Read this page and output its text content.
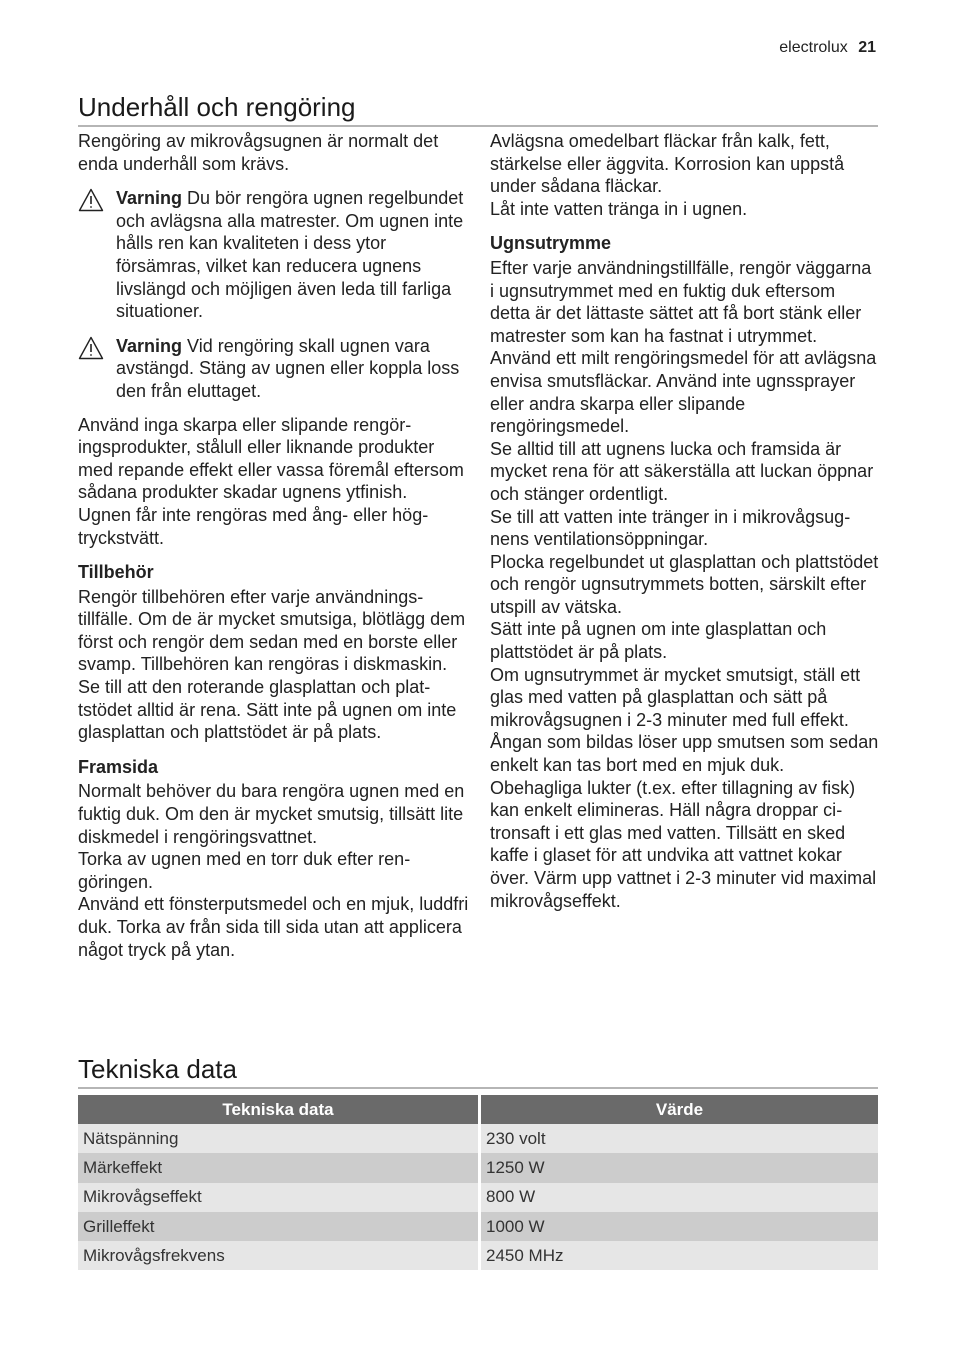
electrolux 21
Underhåll och rengöring

Rengöring av mikrovågsugnen är normalt det enda underhåll som krävs.

Varning Du bör rengöra ugnen regelbundet och avlägsna alla matrester. Om ugnen inte hålls ren kan kvaliteten i dess ytor försämras, vilket kan reducera ugnens livslängd och möjligen även leda till farliga situationer.
Varning Vid rengöring skall ugnen vara avstängd. Stäng av ugnen eller koppla loss den från eluttaget.

Använd inga skarpa eller slipande rengöringsprodukter, stålull eller liknande produkter med repande effekt eller vassa föremål eftersom sådana produkter skadar ugnens ytfinish.

Ugnen får inte rengöras med ång- eller högtryckstvätt.

Tillbehör

Rengör tillbehören efter varje användningstillfälle. Om de är mycket smutsiga, blötlägg dem först och rengör dem sedan med en borste eller svamp. Tillbehören kan rengöras i diskmaskin.

Se till att den roterande glasplattan och plattstödet alltid är rena. Sätt inte på ugnen om inte glasplattan och plattstödet är på plats.

Framsida

Normalt behöver du bara rengöra ugnen med en fuktig duk. Om den är mycket smutsig, tillsätt lite diskmedel i rengöringsvattnet.

Torka av ugnen med en torr duk efter rengöringen.

Använd ett fönsterputsmedel och en mjuk, luddfri duk. Torka av från sida till sida utan att applicera något tryck på ytan.

Avlägsna omedelbart fläckar från kalk, fett, stärkelse eller äggvita. Korrosion kan uppstå under sådana fläckar.

Låt inte vatten tränga in i ugnen.

Ugnsutrymme

Efter varje användningstillfälle, rengör väggarna i ugnsutrymmet med en fuktig duk eftersom detta är det lättaste sättet att få bort stänk eller matrester som kan ha fastnat i utrymmet.

Använd ett milt rengöringsmedel för att avlägsna envisa smutsfläckar. Använd inte ugnssprayer eller andra skarpa eller slipande rengöringsmedel.

Se alltid till att ugnens lucka och framsida är mycket rena för att säkerställa att luckan öppnar och stänger ordentligt.

Se till att vatten inte tränger in i mikrovågsugnens ventilationsöppningar.

Plocka regelbundet ut glasplattan och plattstödet och rengör ugnsutrymmets botten, särskilt efter utspill av vätska.

Sätt inte på ugnen om inte glasplattan och plattstödet är på plats.

Om ugnsutrymmet är mycket smutsigt, ställ ett glas med vatten på glasplattan och sätt på mikrovågsugnen i 2-3 minuter med full effekt. Ångan som bildas löser upp smutsen som sedan enkelt kan tas bort med en mjuk duk.

Obehagliga lukter (t.ex. efter tillagning av fisk) kan enkelt elimineras. Häll några droppar citronsaft i ett glas med vatten. Tillsätt en sked kaffe i glaset för att undvika att vattnet kokar över. Värm upp vattnet i 2-3 minuter vid maximal mikrovågseffekt.

Tekniska data
Tekniska data	Värde
Nätspänning	230 volt
Märkeffekt	1250 W
Mikrovågseffekt	800 W
Grilleffekt	1000 W
Mikrovågsfrekvens	2450 MHz
